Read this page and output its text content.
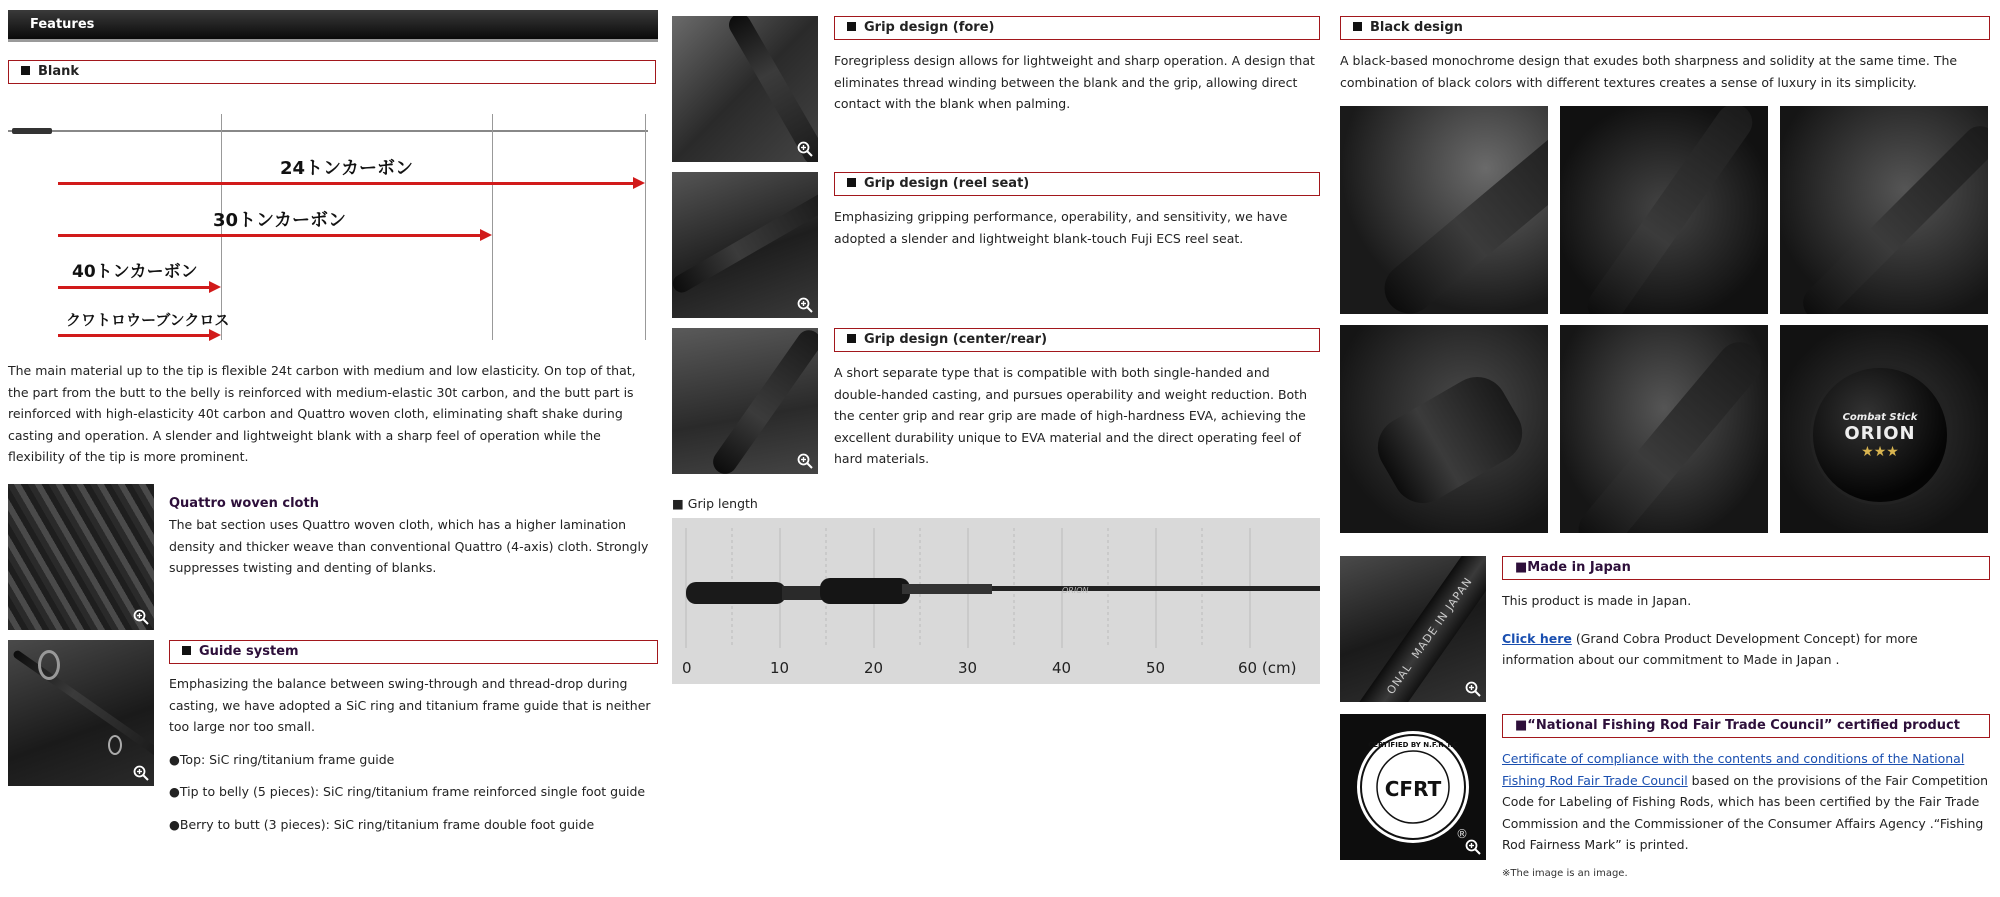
Features
Blank
24トンカーボン
30トンカーボン
40トンカーボン
クワトロウーブンクロス

The main material up to the tip is flexible 24t carbon with medium and low elasticity. On top of that, the part from the butt to the belly is reinforced with medium-elastic 30t carbon, and the butt part is reinforced with high-elasticity 40t carbon and Quattro woven cloth, eliminating shaft shake during casting and operation. A slender and lightweight blank with a sharp feel of operation while the flexibility of the tip is more prominent.

Quattro woven cloth

The bat section uses Quattro woven cloth, which has a higher lamination density and thicker weave than conventional Quattro (4-axis) cloth. Strongly suppresses twisting and denting of blanks.

Guide system

Emphasizing the balance between swing-through and thread-drop during casting, we have adopted a SiC ring and titanium frame guide that is neither too large nor too small.

●Top: SiC ring/titanium frame guide

●Tip to belly (5 pieces): SiC ring/titanium frame reinforced single foot guide

●Berry to butt (3 pieces): SiC ring/titanium frame double foot guide

Grip design (fore)

Foregripless design allows for lightweight and sharp operation. A design that eliminates thread winding between the blank and the grip, allowing direct contact with the blank when palming.

Grip design (reel seat)

Emphasizing gripping performance, operability, and sensitivity, we have adopted a slender and lightweight blank-touch Fuji ECS reel seat.

Grip design (center/rear)

A short separate type that is compatible with both single-handed and double-handed casting, and pursues operability and weight reduction. Both the center grip and rear grip are made of high-hardness EVA, achieving the excellent durability unique to EVA material and the direct operating feel of hard materials.

■ Grip length
ORION
0	10	20	30	40	50	60 (cm)
Black design

A black-based monochrome design that exudes both sharpness and solidity at the same time. The combination of black colors with different textures creates a sense of luxury in its simplicity.

Combat Stick
ORION
★★★
ONAL  MADE IN JAPAN
■Made in Japan

This product is made in Japan.

Click here (Grand Cobra Product Development Concept) for more information about our commitment to Made in Japan .

CERTIFIED BY N.F.R.T.C
CFRT
®
■“National Fishing Rod Fair Trade Council” certified product

Certificate of compliance with the contents and conditions of the National Fishing Rod Fair Trade Council based on the provisions of the Fair Competition Code for Labeling of Fishing Rods, which has been certified by the Fair Trade Commission and the Commissioner of the Consumer Affairs Agency .“Fishing Rod Fairness Mark” is printed.

※The image is an image.
